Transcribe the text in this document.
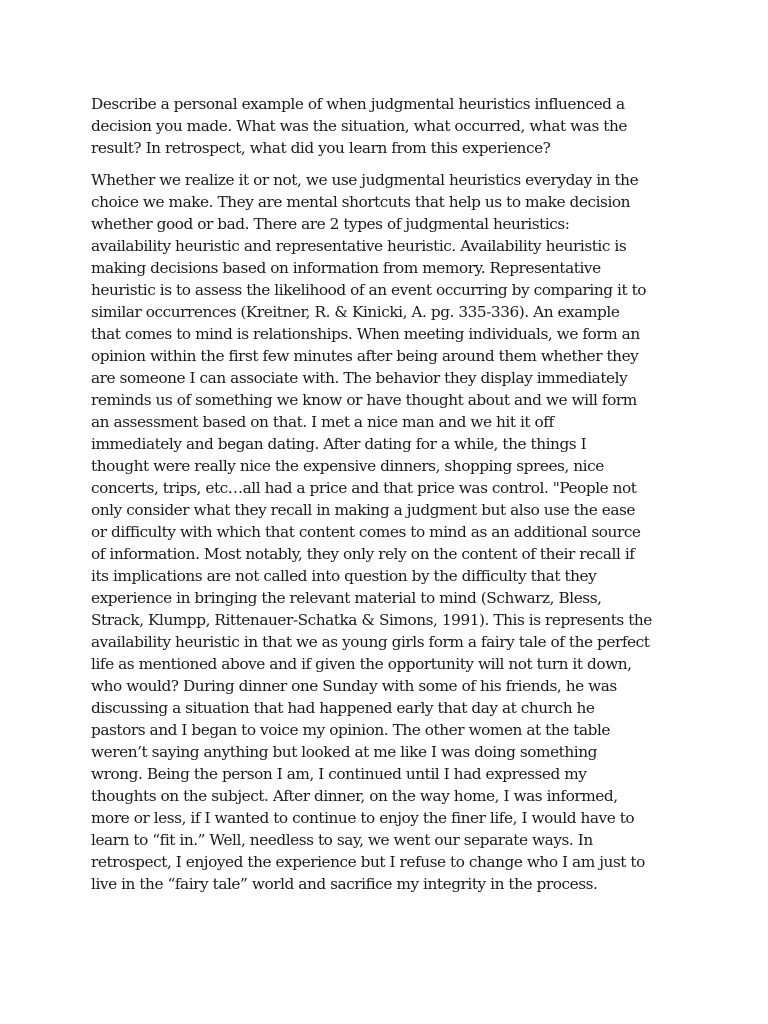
Describe a personal example of when judgmental heuristics influenced a
decision you made. What was the situation, what occurred, what was the
result? In retrospect, what did you learn from this experience?
Whether we realize it or not, we use judgmental heuristics everyday in the
choice we make. They are mental shortcuts that help us to make decision
whether good or bad. There are 2 types of judgmental heuristics:
availability heuristic and representative heuristic. Availability heuristic is
making decisions based on information from memory. Representative
heuristic is to assess the likelihood of an event occurring by comparing it to
similar occurrences (Kreitner, R. & Kinicki, A. pg. 335-336). An example
that comes to mind is relationships. When meeting individuals, we form an
opinion within the first few minutes after being around them whether they
are someone I can associate with. The behavior they display immediately
reminds us of something we know or have thought about and we will form
an assessment based on that. I met a nice man and we hit it off
immediately and began dating. After dating for a while, the things I
thought were really nice the expensive dinners, shopping sprees, nice
concerts, trips, etc…all had a price and that price was control. "People not
only consider what they recall in making a judgment but also use the ease
or difficulty with which that content comes to mind as an additional source
of information. Most notably, they only rely on the content of their recall if
its implications are not called into question by the difficulty that they
experience in bringing the relevant material to mind (Schwarz, Bless,
Strack, Klumpp, Rittenauer-Schatka & Simons, 1991). This is represents the
availability heuristic in that we as young girls form a fairy tale of the perfect
life as mentioned above and if given the opportunity will not turn it down,
who would? During dinner one Sunday with some of his friends, he was
discussing a situation that had happened early that day at church he
pastors and I began to voice my opinion. The other women at the table
weren’t saying anything but looked at me like I was doing something
wrong. Being the person I am, I continued until I had expressed my
thoughts on the subject. After dinner, on the way home, I was informed,
more or less, if I wanted to continue to enjoy the finer life, I would have to
learn to “fit in.” Well, needless to say, we went our separate ways. In
retrospect, I enjoyed the experience but I refuse to change who I am just to
live in the “fairy tale” world and sacrifice my integrity in the process.
